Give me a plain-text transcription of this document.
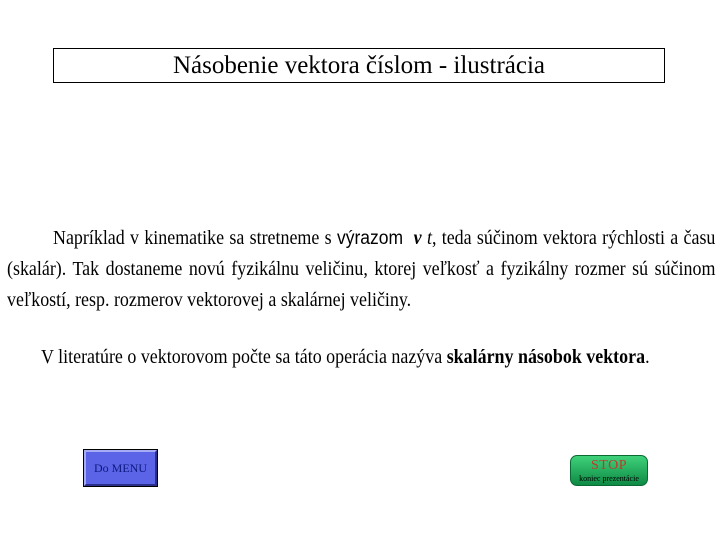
Násobenie vektora číslom - ilustrácia
Napríklad v kinematike sa stretneme s výrazom v t, teda súčinom vektora rýchlosti a času (skalár). Tak dostaneme novú fyzikálnu veličinu, ktorej veľkosť a fyzikálny rozmer sú súčinom veľkostí, resp. rozmerov vektorovej a skalárnej veličiny.
V literatúre o vektorovom počte sa táto operácia nazýva skalárny násobok vektora.
Do MENU	STOP
koniec prezentácie
